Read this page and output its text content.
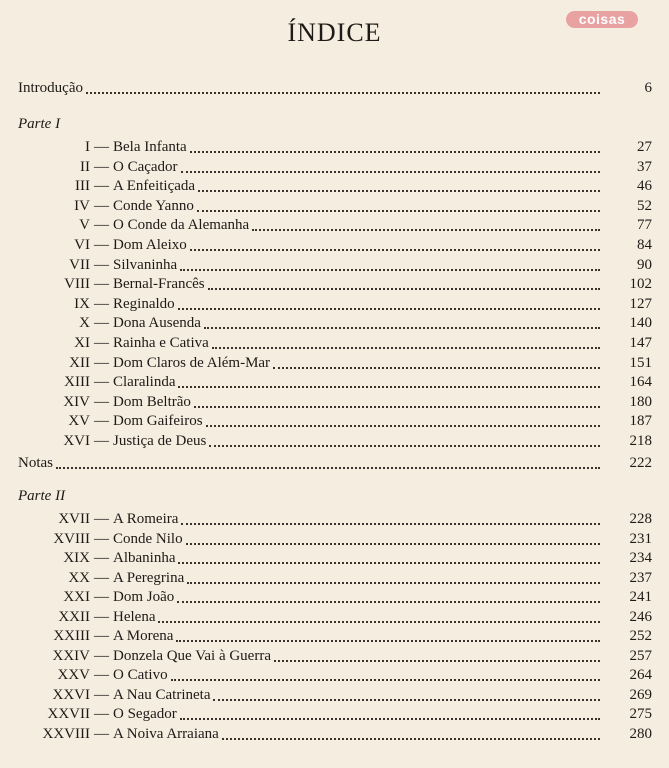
coisas
ÍNDICE
Introdução	6
Parte I
I — Bela Infanta	27
II — O Caçador	37
III — A Enfeitiçada	46
IV — Conde Yanno	52
V — O Conde da Alemanha	77
VI — Dom Aleixo	84
VII — Silvaninha	90
VIII — Bernal-Francês	102
IX — Reginaldo	127
X — Dona Ausenda	140
XI — Rainha e Cativa	147
XII — Dom Claros de Além-Mar	151
XIII — Claralinda	164
XIV — Dom Beltrão	180
XV — Dom Gaifeiros	187
XVI — Justiça de Deus	218
Notas	222
Parte II
XVII — A Romeira	228
XVIII — Conde Nilo	231
XIX — Albaninha	234
XX — A Peregrina	237
XXI — Dom João	241
XXII — Helena	246
XXIII — A Morena	252
XXIV — Donzela Que Vai à Guerra	257
XXV — O Cativo	264
XXVI — A Nau Catrineta	269
XXVII — O Segador	275
XXVIII — A Noiva Arraiana	280
